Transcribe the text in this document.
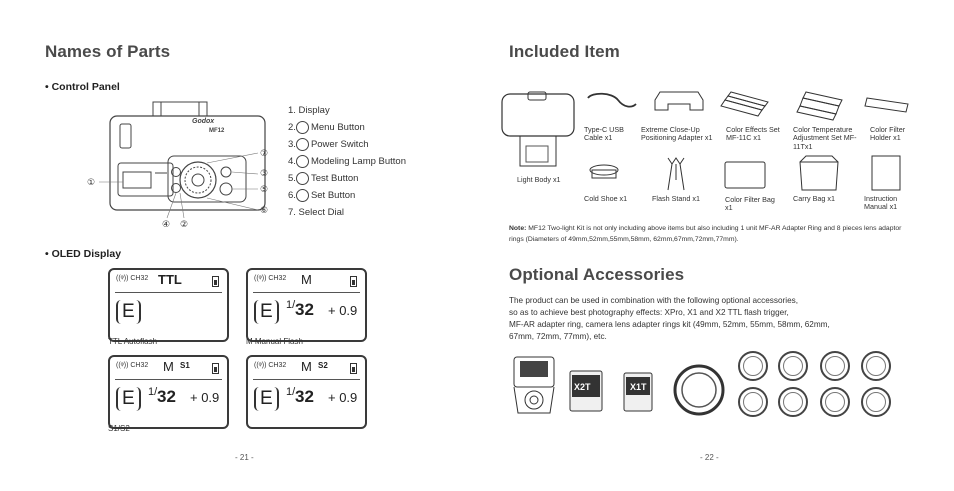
Names of Parts
• Control Panel
Godox
MF12
①
⑦
③
⑤
⑥
④ ②
1. Display
2. Menu Button
3. Power Switch
4. Modeling Lamp Button
5. Test Button
6. Set Button
7. Select Dial
• OLED Display
((ᵠ)) CH32 TTL
E
TTL Autoflash
((ᵠ)) CH32 M
E	1/ 32 + 0.9
M Manual Flash
((ᵠ)) CH32 M S1
E	1/ 32 + 0.9
S1/S2
((ᵠ)) CH32 M S2
E	1/ 32 + 0.9
- 21 -
Included Item
Light Body x1
Type-C USB Cable x1
Extreme Close-Up Positioning Adapter x1
Color Effects Set MF-11C x1
Color Temperature Adjustment Set MF-11Tx1
Color Filter Holder x1
Cold Shoe x1	Flash Stand x1	Color Filter Bag x1
Carry Bag x1	Instruction Manual x1
Note: MF12 Two-light Kit is not only including above items but also including 1 unit MF-AR Adapter Ring and 8 pieces lens adaptor rings (Diameters of 49mm,52mm,55mm,58mm, 62mm,67mm,72mm,77mm).
Optional Accessories
The product can be used in combination with the following optional accessories,
so as to achieve best photography effects: XPro, X1 and X2 TTL flash trigger,
MF-AR adapter ring, camera lens adapter rings kit (49mm, 52mm, 55mm, 58mm, 62mm,
67mm, 72mm, 77mm), etc.
X2T	X1T
- 22 -
